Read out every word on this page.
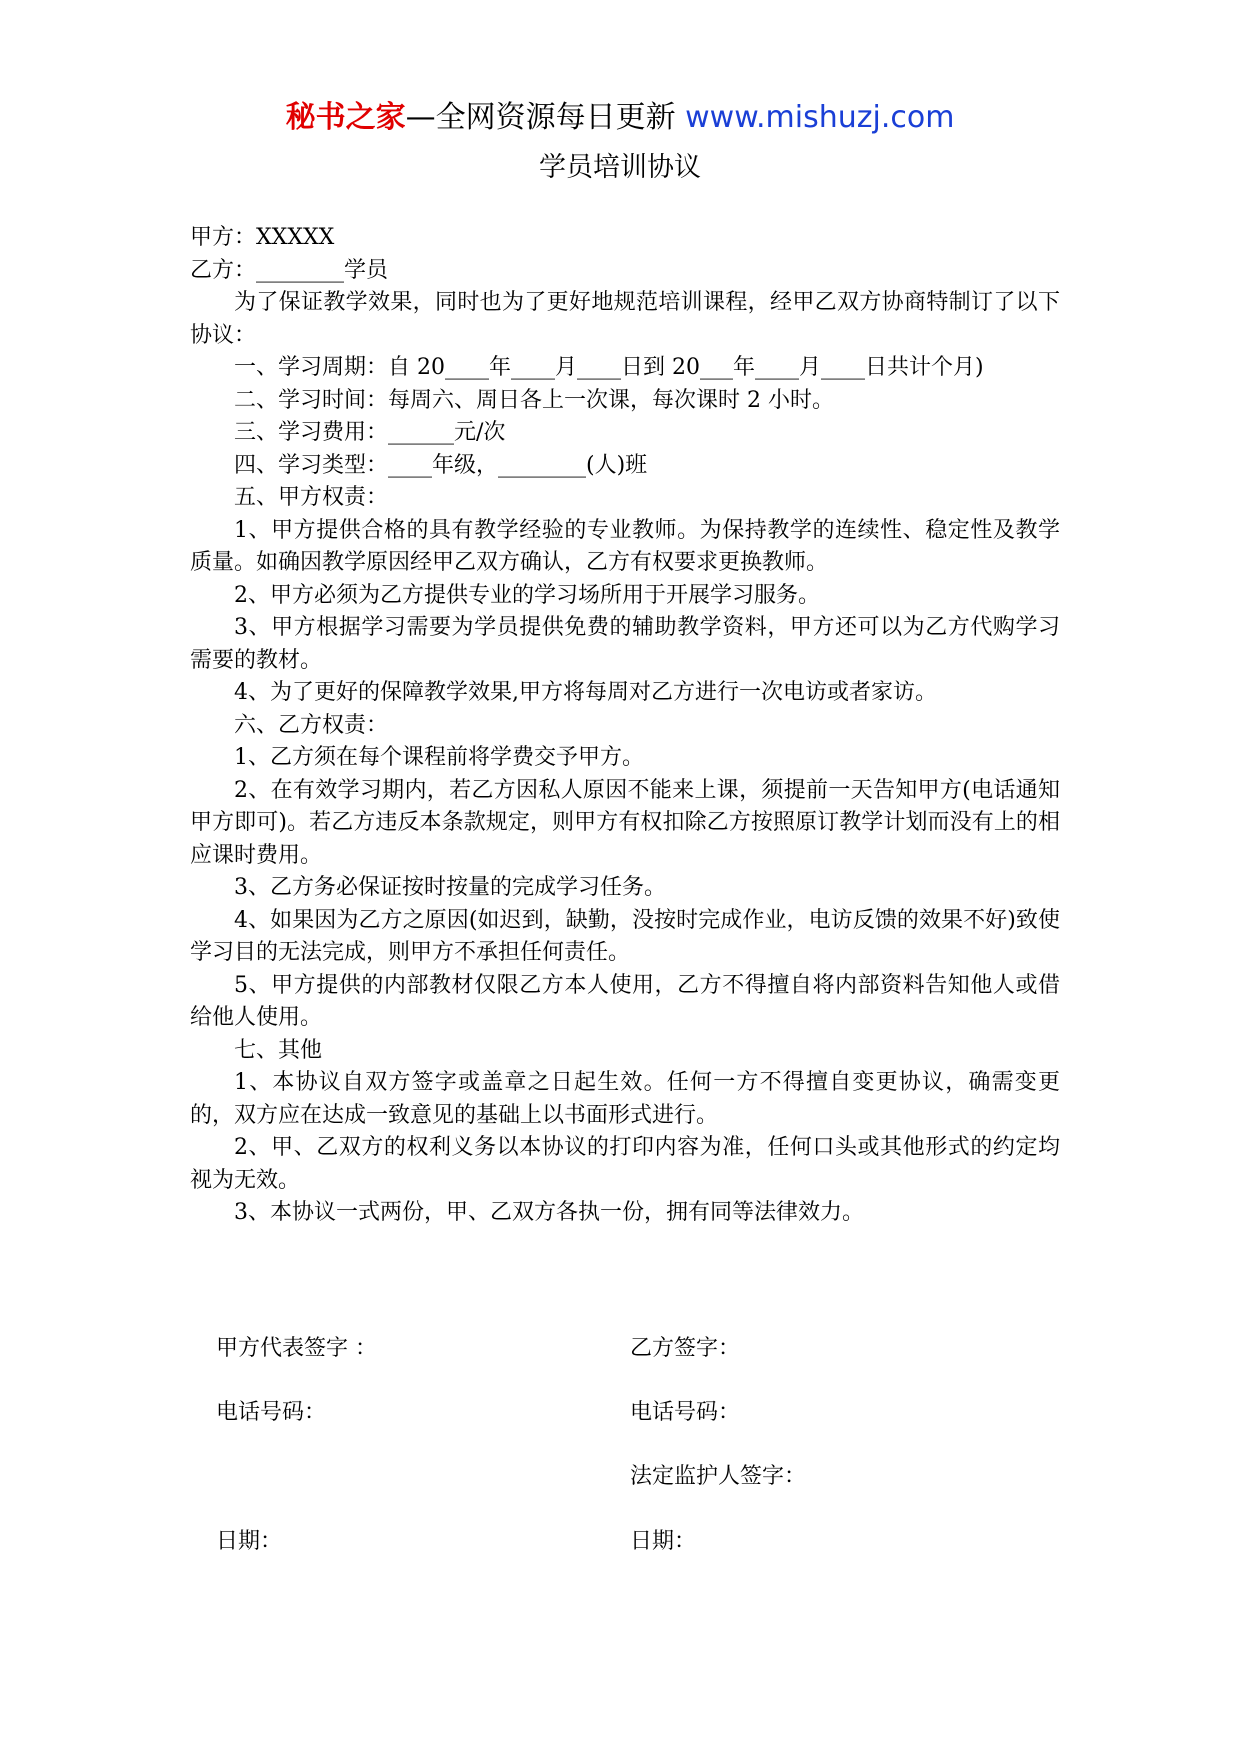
秘书之家—全网资源每日更新 www.mishuzj.com
学员培训协议

甲方：XXXXX

乙方：________学员

为了保证教学效果，同时也为了更好地规范培训课程，经甲乙双方协商特制订了以下协议：

一、学习周期：自 20____年____月____日到 20___年____月____日共计个月)

二、学习时间：每周六、周日各上一次课，每次课时 2 小时。

三、学习费用：______元/次

四、学习类型：____年级，________(人)班

五、甲方权责：

1、甲方提供合格的具有教学经验的专业教师。为保持教学的连续性、稳定性及教学质量。如确因教学原因经甲乙双方确认，乙方有权要求更换教师。

2、甲方必须为乙方提供专业的学习场所用于开展学习服务。

3、甲方根据学习需要为学员提供免费的辅助教学资料，甲方还可以为乙方代购学习需要的教材。

4、为了更好的保障教学效果,甲方将每周对乙方进行一次电访或者家访。

六、乙方权责：

1、乙方须在每个课程前将学费交予甲方。

2、在有效学习期内，若乙方因私人原因不能来上课，须提前一天告知甲方(电话通知甲方即可)。若乙方违反本条款规定，则甲方有权扣除乙方按照原订教学计划而没有上的相应课时费用。

3、乙方务必保证按时按量的完成学习任务。

4、如果因为乙方之原因(如迟到，缺勤，没按时完成作业，电访反馈的效果不好)致使学习目的无法完成，则甲方不承担任何责任。

5、甲方提供的内部教材仅限乙方本人使用，乙方不得擅自将内部资料告知他人或借给他人使用。

七、其他

1、本协议自双方签字或盖章之日起生效。任何一方不得擅自变更协议，确需变更的，双方应在达成一致意见的基础上以书面形式进行。

2、甲、乙双方的权利义务以本协议的打印内容为准，任何口头或其他形式的约定均视为无效。

3、本协议一式两份，甲、乙双方各执一份，拥有同等法律效力。

甲方代表签字 ：	乙方签字：
电话号码：	电话号码：
法定监护人签字：
日期：	日期：
